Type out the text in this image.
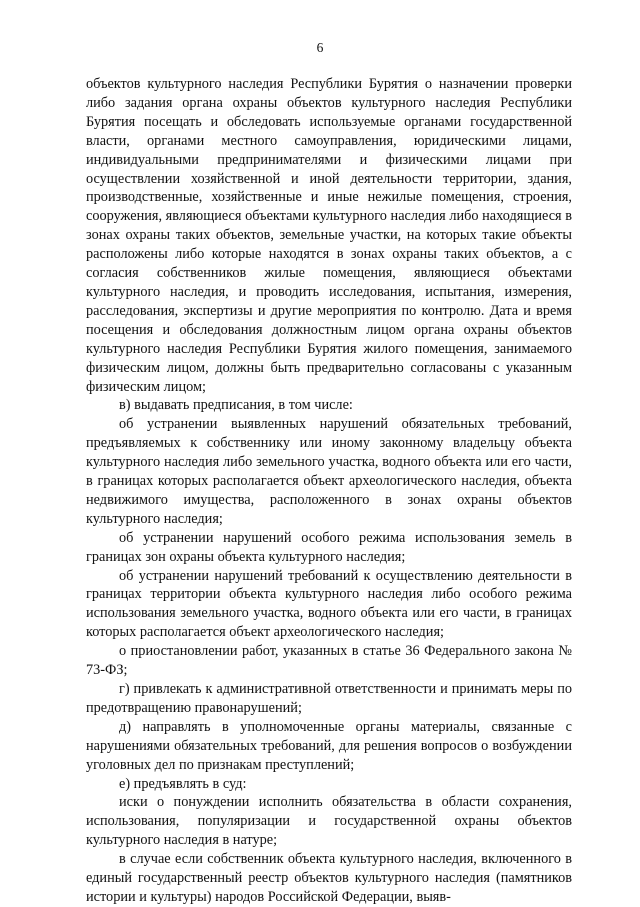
6

объектов культурного наследия Республики Бурятия о назначении проверки либо задания органа охраны объектов культурного наследия Республики Бурятия посещать и обследовать используемые органами государственной власти, органами местного самоуправления, юридическими лицами, индивидуальными предпринимателями и физическими лицами при осуществлении хозяйственной и иной деятельности территории, здания, производственные, хозяйственные и иные нежилые помещения, строения, сооружения, являющиеся объектами культурного наследия либо находящиеся в зонах охраны таких объектов, земельные участки, на которых такие объекты расположены либо которые находятся в зонах охраны таких объектов, а с согласия собственников жилые помещения, являющиеся объектами культурного наследия, и проводить исследования, испытания, измерения, расследования, экспертизы и другие мероприятия по контролю. Дата и время посещения и обследования должностным лицом органа охраны объектов культурного наследия Республики Бурятия жилого помещения, занимаемого физическим лицом, должны быть предварительно согласованы с указанным физическим лицом;

в) выдавать предписания, в том числе:

об устранении выявленных нарушений обязательных требований, предъявляемых к собственнику или иному законному владельцу объекта культурного наследия либо земельного участка, водного объекта или его части, в границах которых располагается объект археологического наследия, объекта недвижимого имущества, расположенного в зонах охраны объектов культурного наследия;

об устранении нарушений особого режима использования земель в границах зон охраны объекта культурного наследия;

об устранении нарушений требований к осуществлению деятельности в границах территории объекта культурного наследия либо особого режима использования земельного участка, водного объекта или его части, в границах которых располагается объект археологического наследия;

о приостановлении работ, указанных в статье 36 Федерального закона № 73-ФЗ;

г) привлекать к административной ответственности и принимать меры по предотвращению правонарушений;

д) направлять в уполномоченные органы материалы, связанные с нарушениями обязательных требований, для решения вопросов о возбуждении уголовных дел по признакам преступлений;

е) предъявлять в суд:

иски о понуждении исполнить обязательства в области сохранения, использования, популяризации и государственной охраны объектов культурного наследия в натуре;

в случае если собственник объекта культурного наследия, включенного в единый государственный реестр объектов культурного наследия (памятников истории и культуры) народов Российской Федерации, выяв-
